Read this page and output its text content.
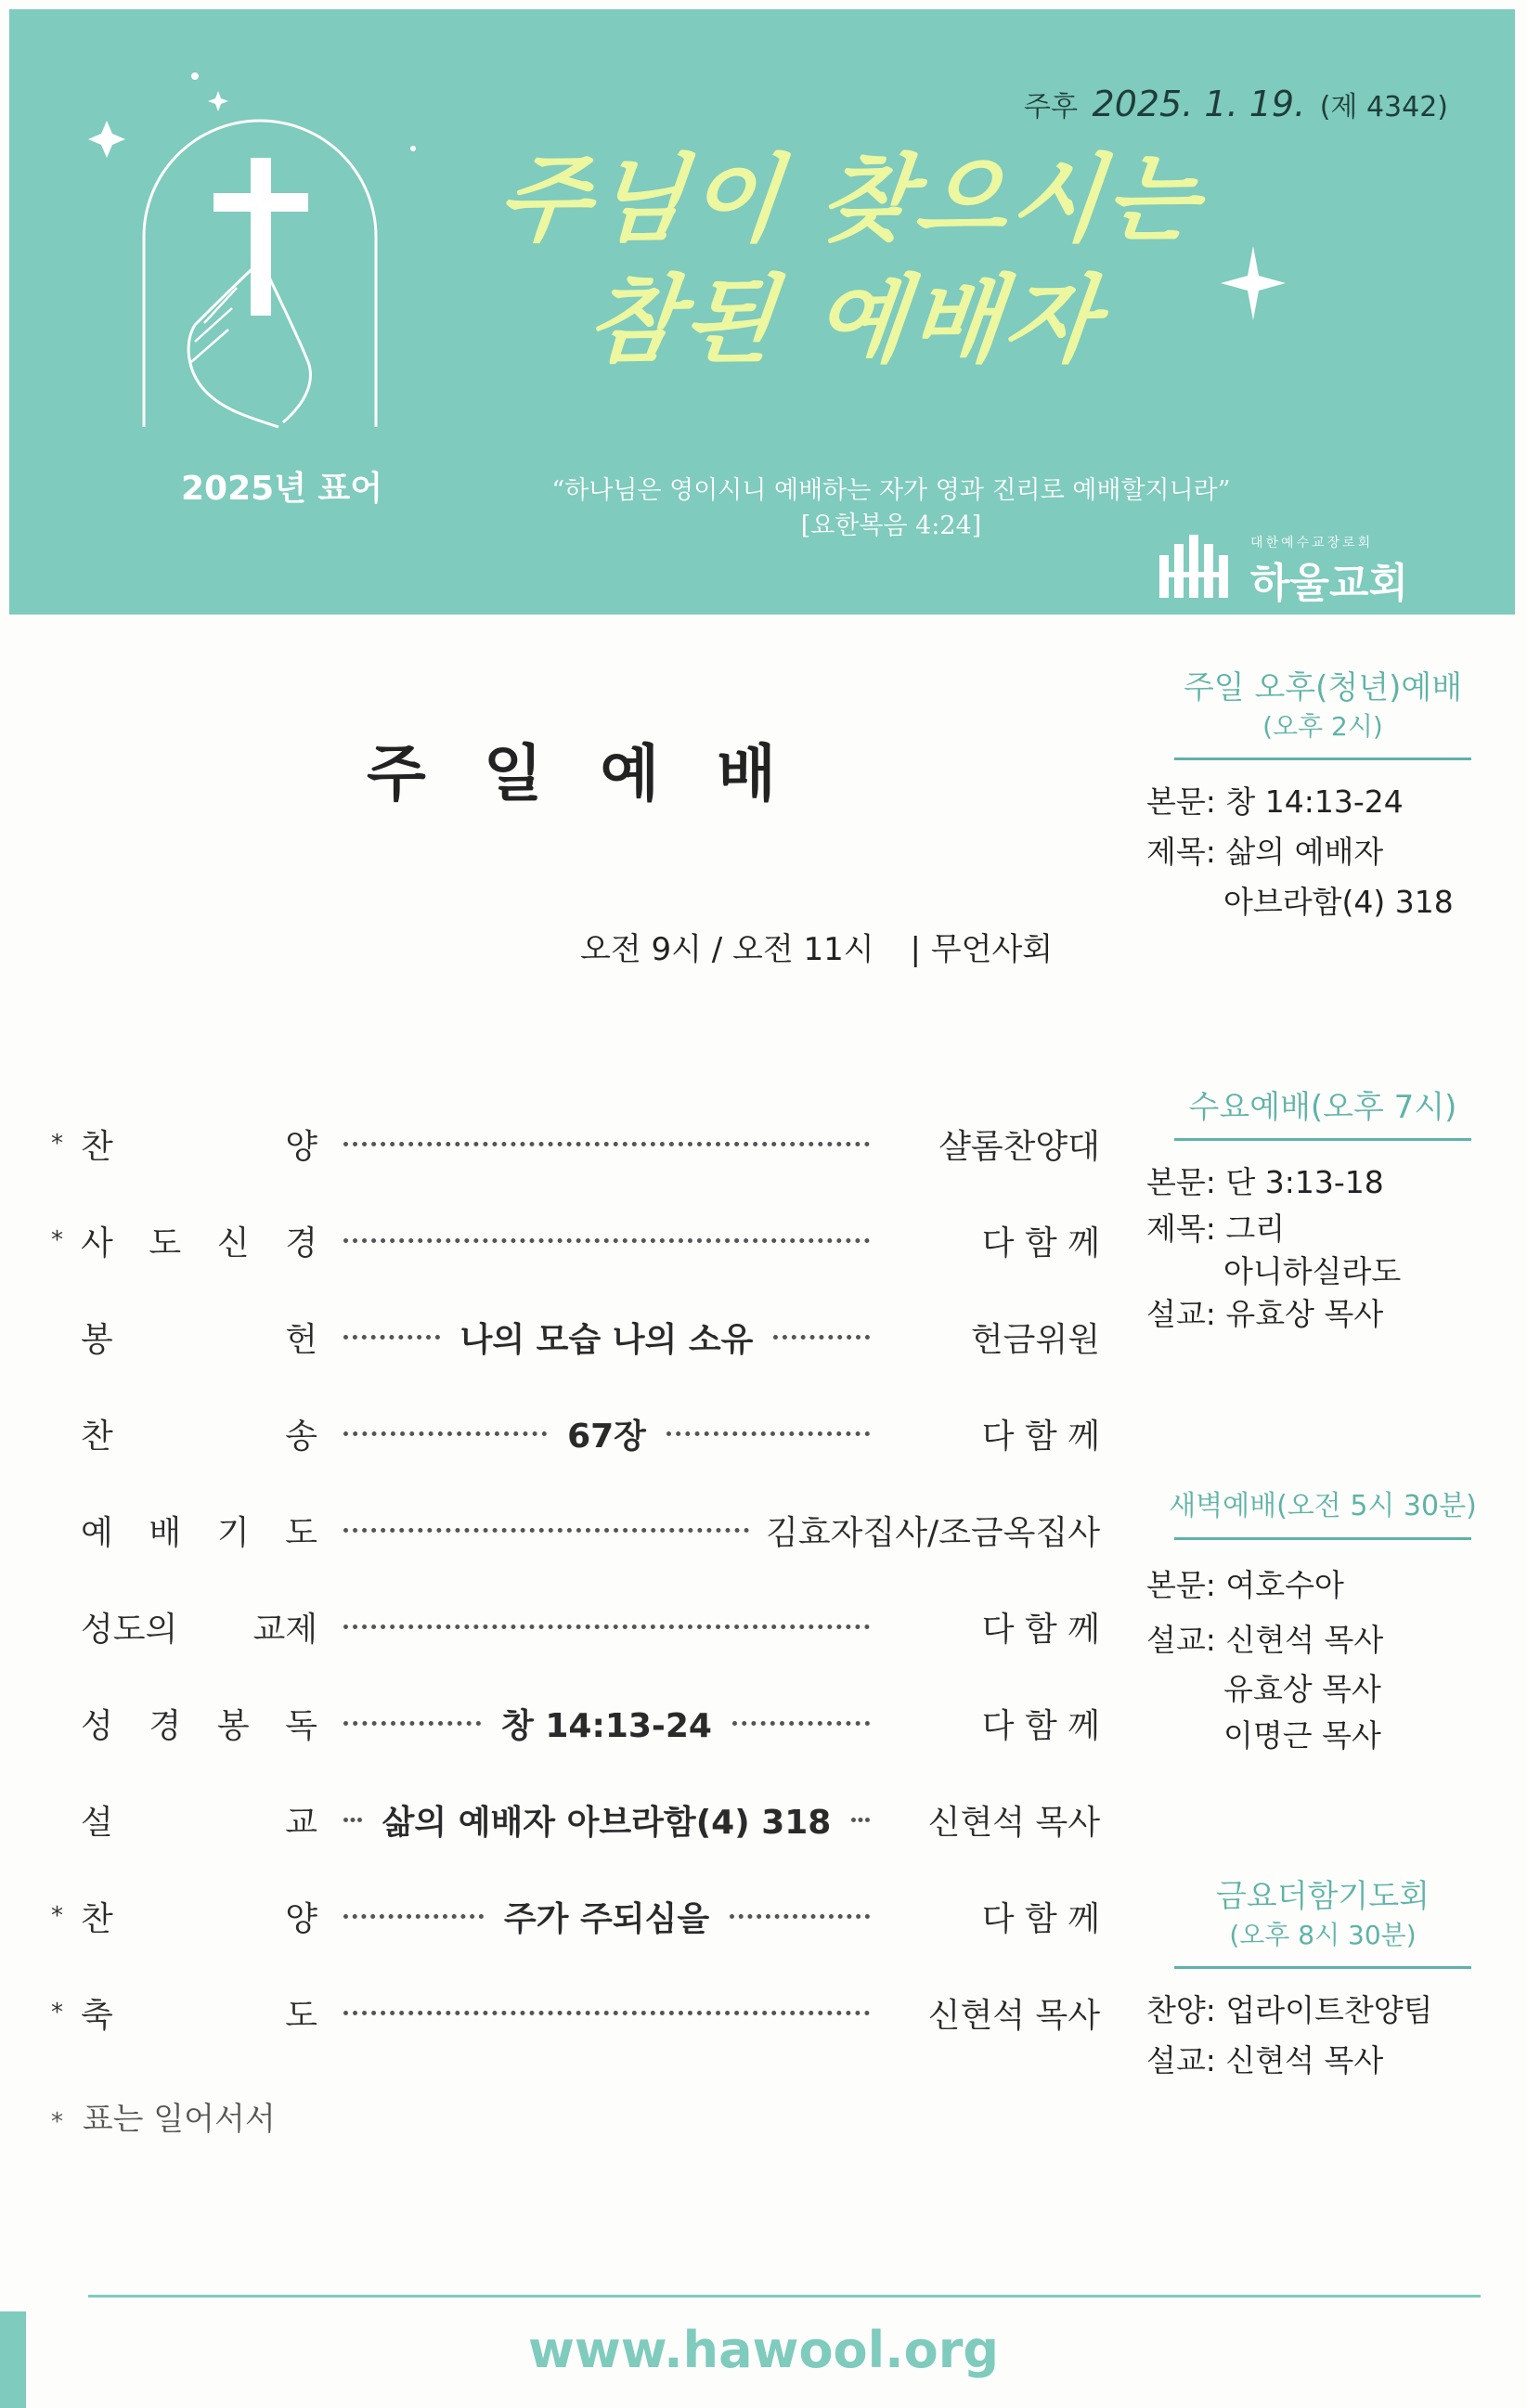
주후 2025. 1. 19. (제 4342)
주님이 찾으시는
참된 예배자
2025년 표어	“하나님은 영이시니 예배하는 자가 영과 진리로 예배할지니라”
[요한복음 4:24]
대한예수교장로회
하울교회
주일예배
오전 9시 / 오전 11시 | 무언사회
* 찬	양	샬롬찬양대
* 사 도 신 경	다 함 께
봉	헌	나의 모습 나의 소유	헌금위원
찬	송	67장	다 함 께
예 배 기 도	김효자집사/조금옥집사
성도의 교제	다 함 께
성 경 봉 독	창 14:13-24	다 함 께
설	교	삶의 예배자 아브라함(4) 318	신현석 목사
* 찬	양	주가 주되심을	다 함 께
* 축	도	신현석 목사
* 표는 일어서서
주일 오후(청년)예배
(오후 2시)
본문: 창 14:13-24
제목: 삶의 예배자
아브라함(4) 318
수요예배(오후 7시)
본문: 단 3:13-18
제목: 그리
아니하실라도
설교: 유효상 목사
새벽예배(오전 5시 30분)
본문: 여호수아
설교: 신현석 목사
유효상 목사
이명근 목사
금요더함기도회
(오후 8시 30분)
찬양: 업라이트찬양팀
설교: 신현석 목사
www.hawool.org
